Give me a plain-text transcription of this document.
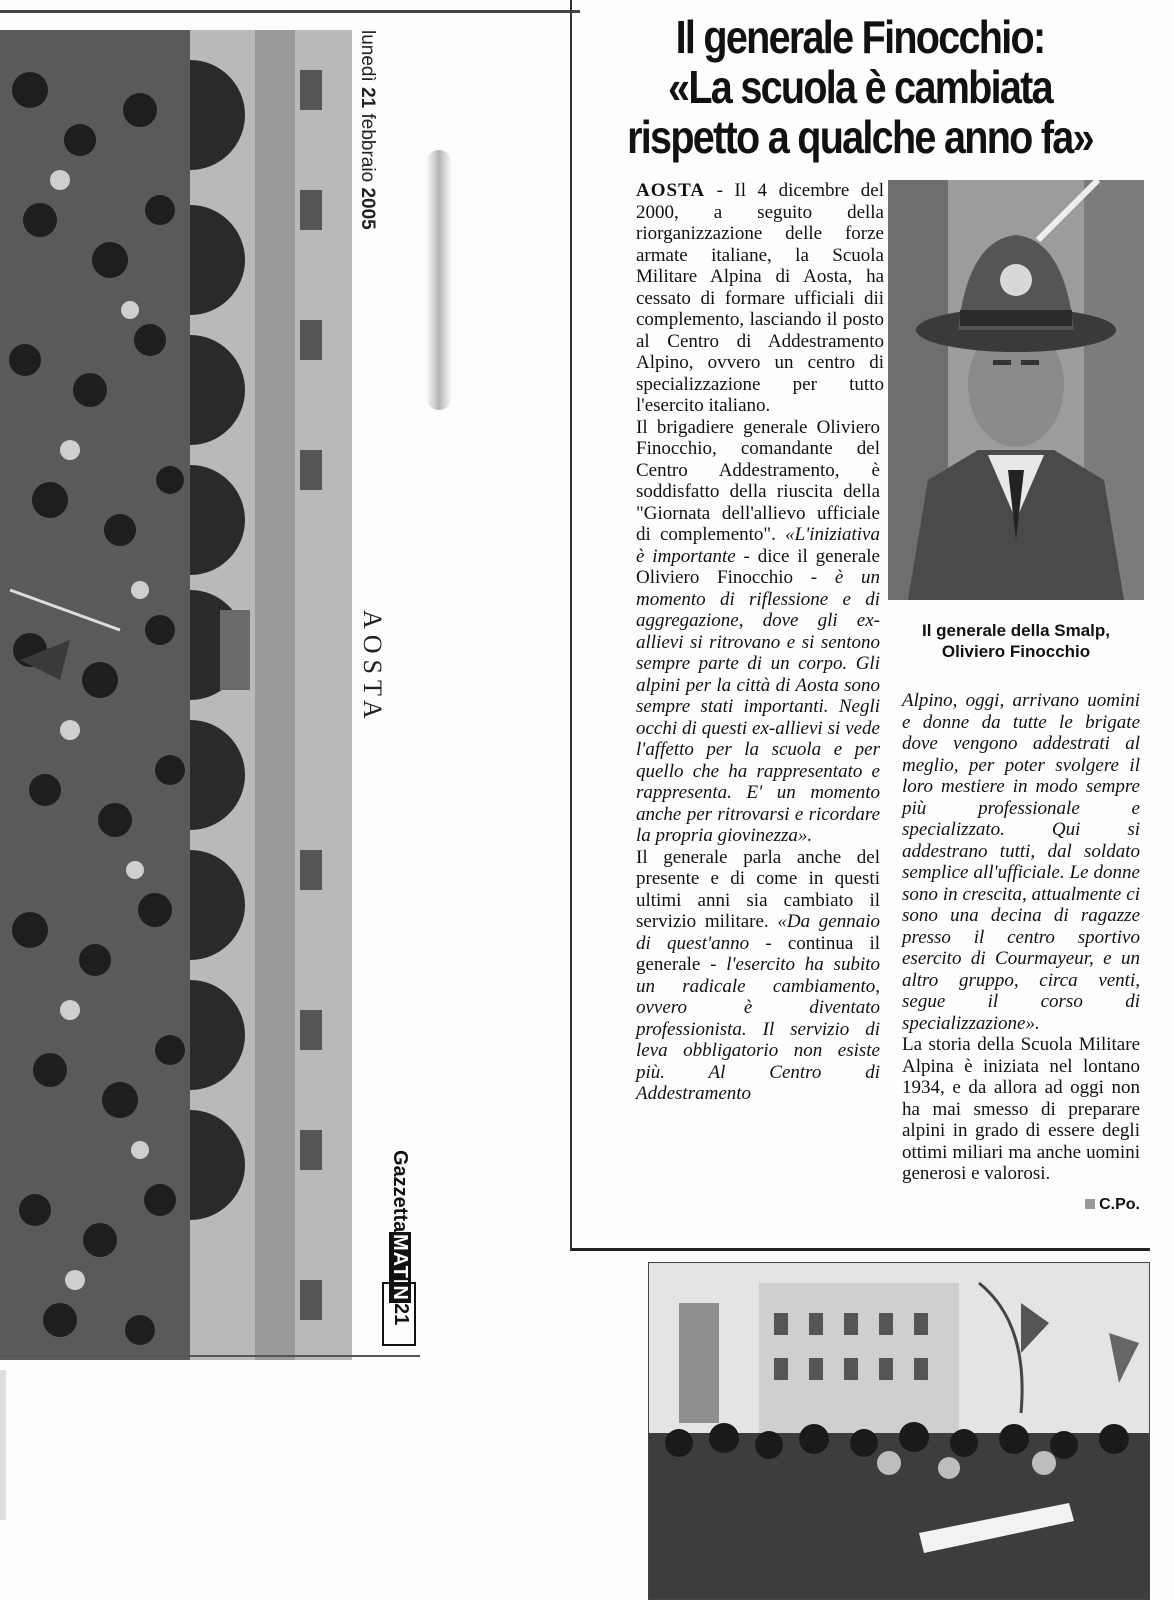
lunedì 21 febbraio 2005
AOSTA
GazzettaMATIN
21
Il generale Finocchio:
«La scuola è cambiata
rispetto a qualche anno fa»

AOSTA - Il 4 dicembre del 2000, a seguito della riorganizzazione delle forze armate italiane, la Scuola Militare Alpina di Aosta, ha cessato di formare ufficiali dii complemento, lasciando il posto al Centro di Addestramento Alpino, ovvero un centro di specializzazione per tutto l'esercito italiano.

Il brigadiere generale Oliviero Finocchio, comandante del Centro Addestramento, è soddisfatto della riuscita della "Giornata dell'allievo ufficiale di complemento". «L'iniziativa è importante - dice il generale Oliviero Finocchio - è un momento di riflessione e di aggregazione, dove gli ex-allievi si ritrovano e si sentono sempre parte di un corpo. Gli alpini per la città di Aosta sono sempre stati importanti. Negli occhi di questi ex-allievi si vede l'affetto per la scuola e per quello che ha rappresentato e rappresenta. E' un momento anche per ritrovarsi e ricordare la propria giovinezza».

Il generale parla anche del presente e di come in questi ultimi anni sia cambiato il servizio militare. «Da gennaio di quest'anno - continua il generale - l'esercito ha subito un radicale cambiamento, ovvero è diventato professionista. Il servizio di leva obbligatorio non esiste più. Al Centro di Addestramento

Il generale della Smalp,
Oliviero Finocchio

Alpino, oggi, arrivano uomini e donne da tutte le brigate dove vengono addestrati al meglio, per poter svolgere il loro mestiere in modo sempre più professionale e specializzato. Qui si addestrano tutti, dal soldato semplice all'ufficiale. Le donne sono in crescita, attualmente ci sono una decina di ragazze presso il centro sportivo esercito di Courmayeur, e un altro gruppo, circa venti, segue il corso di specializzazione».

La storia della Scuola Militare Alpina è iniziata nel lontano 1934, e da allora ad oggi non ha mai smesso di preparare alpini in grado di essere degli ottimi miliari ma anche uomini generosi e valorosi.

C.Po.
